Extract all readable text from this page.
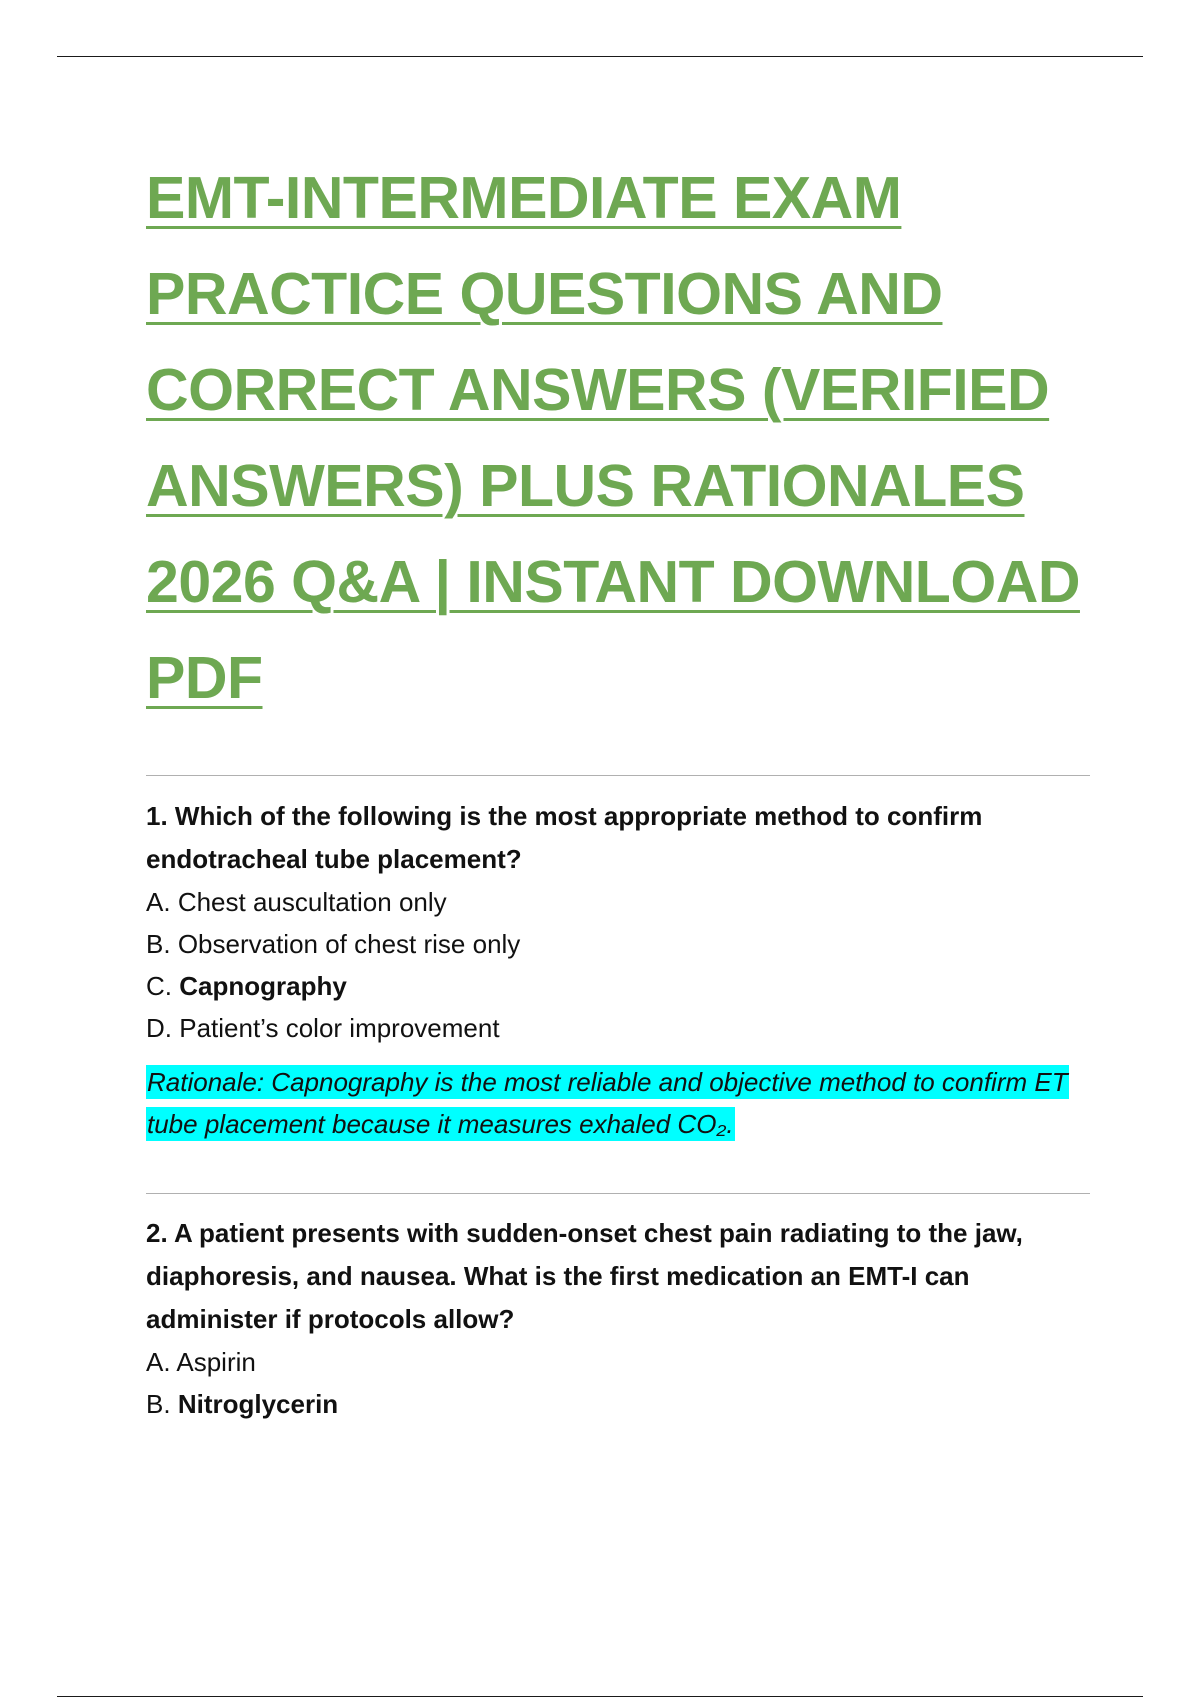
EMT-INTERMEDIATE EXAM PRACTICE QUESTIONS AND CORRECT ANSWERS (VERIFIED ANSWERS) PLUS RATIONALES 2026 Q&A | INSTANT DOWNLOAD PDF

1. Which of the following is the most appropriate method to confirm endotracheal tube placement?

A. Chest auscultation only
B. Observation of chest rise only
C. Capnography
D. Patient’s color improvement

Rationale: Capnography is the most reliable and objective method to confirm ET tube placement because it measures exhaled CO₂.

2. A patient presents with sudden-onset chest pain radiating to the jaw, diaphoresis, and nausea. What is the first medication an EMT-I can administer if protocols allow?

A. Aspirin
B. Nitroglycerin
